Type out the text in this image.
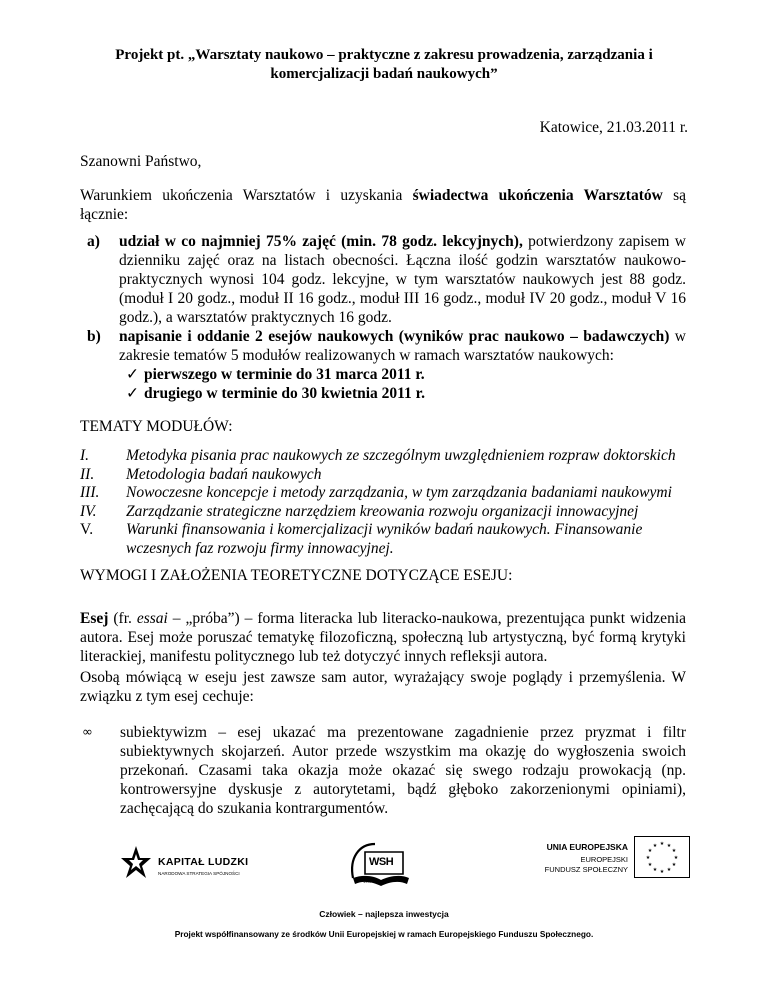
Projekt pt. „Warsztaty naukowo – praktyczne z zakresu prowadzenia, zarządzania i
komercjalizacji badań naukowych”
Katowice, 21.03.2011 r.
Szanowni Państwo,
Warunkiem ukończenia Warsztatów i uzyskania świadectwa ukończenia Warsztatów są łącznie:
a) udział w co najmniej 75% zajęć (min. 78 godz. lekcyjnych), potwierdzony zapisem w dzienniku zajęć oraz na listach obecności. Łączna ilość godzin warsztatów naukowo-praktycznych wynosi 104 godz. lekcyjne, w tym warsztatów naukowych jest 88 godz. (moduł I 20 godz., moduł II 16 godz., moduł III 16 godz., moduł IV 20 godz., moduł V 16 godz.), a warsztatów praktycznych 16 godz.
b) napisanie i oddanie 2 esejów naukowych (wyników prac naukowo – badawczych) w zakresie tematów 5 modułów realizowanych w ramach warsztatów naukowych:
✓ pierwszego w terminie do 31 marca 2011 r.
✓ drugiego w terminie do 30 kwietnia 2011 r.
TEMATY MODUŁÓW:
I. Metodyka pisania prac naukowych ze szczególnym uwzględnieniem rozpraw doktorskich
II. Metodologia badań naukowych
III. Nowoczesne koncepcje i metody zarządzania, w tym zarządzania badaniami naukowymi
IV. Zarządzanie strategiczne narzędziem kreowania rozwoju organizacji innowacyjnej
V. Warunki finansowania i komercjalizacji wyników badań naukowych. Finansowanie wczesnych faz rozwoju firmy innowacyjnej.
WYMOGI I ZAŁOŻENIA TEORETYCZNE DOTYCZĄCE ESEJU:
Esej (fr. essai – „próba”) – forma literacka lub literacko-naukowa, prezentująca punkt widzenia autora. Esej może poruszać tematykę filozoficzną, społeczną lub artystyczną, być formą krytyki literackiej, manifestu politycznego lub też dotyczyć innych refleksji autora.
Osobą mówiącą w eseju jest zawsze sam autor, wyrażający swoje poglądy i przemyślenia. W związku z tym esej cechuje:
∞	subiektywizm – esej ukazać ma prezentowane zagadnienie przez pryzmat i filtr subiektywnych skojarzeń. Autor przede wszystkim ma okazję do wygłoszenia swoich przekonań. Czasami taka okazja może okazać się swego rodzaju prowokacją (np. kontrowersyjne dyskusje z autorytetami, bądź głęboko zakorzenionymi opiniami), zachęcającą do szukania kontrargumentów.
KAPITAŁ LUDZKI
NARODOWA STRATEGIA SPÓJNOŚCI
WSH
1997
UNIA EUROPEJSKA
EUROPEJSKI
FUNDUSZ SPOŁECZNY
★ ★
★
★
★
★
★
★
★
★
★
★
Człowiek – najlepsza inwestycja
Projekt współfinansowany ze środków Unii Europejskiej w ramach Europejskiego Funduszu Społecznego.
